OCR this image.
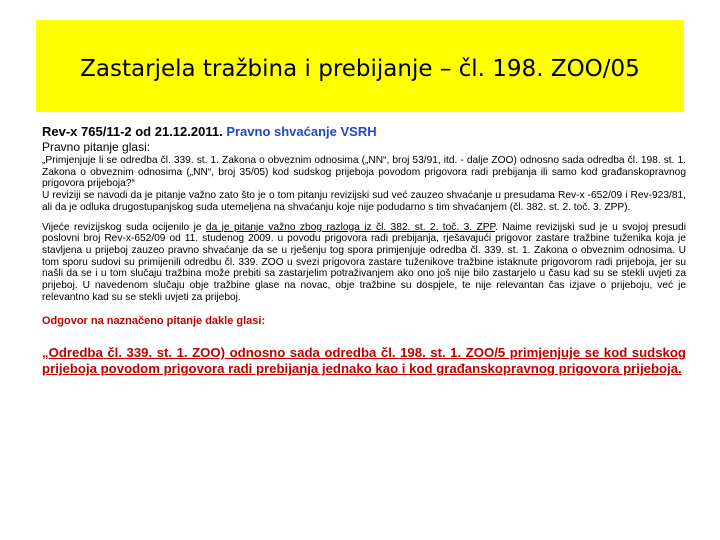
Zastarjela tražbina i prebijanje – čl. 198. ZOO/05
Rev-x 765/11-2 od 21.12.2011. Pravno shvaćanje VSRH
Pravno pitanje glasi:

„Primjenjuje li se odredba čl. 339. st. 1. Zakona o obveznim odnosima („NN“, broj 53/91, itd. - dalje ZOO) odnosno sada odredba čl. 198. st. 1. Zakona o obveznim odnosima („NN“, broj 35/05) kod sudskog prijeboja povodom prigovora radi prebijanja ili samo kod građanskopravnog prigovora prijeboja?“

U reviziji se navodi da je pitanje važno zato što je o tom pitanju revizijski sud već zauzeo shvaćanje u presudama Rev-x -652/09 i Rev-923/81, ali da je odluka drugostupanjskog suda utemeljena na shvaćanju koje nije podudarno s tim shvaćanjem (čl. 382. st. 2. toč. 3. ZPP).

Vijeće revizijskog suda ocijenilo je da je pitanje važno zbog razloga iz čl. 382. st. 2. toč. 3. ZPP. Naime revizijski sud je u svojoj presudi poslovni broj Rev-x-652/09 od 11. studenog 2009. u povodu prigovora radi prebijanja, rješavajući prigovor zastare tražbine tuženika koja je stavljena u prijeboj zauzeo pravno shvaćanje da se u rješenju tog spora primjenjuje odredba čl. 339. st. 1. Zakona o obveznim odnosima. U tom sporu sudovi su primijenili odredbu čl. 339. ZOO u svezi prigovora zastare tuženikove tražbine istaknute prigovorom radi prijeboja, jer su našli da se i u tom slučaju tražbina može prebiti sa zastarjelim potraživanjem ako ono još nije bilo zastarjelo u času kad su se stekli uvjeti za prijeboj. U navedenom slučaju obje tražbine glase na novac, obje tražbine su dospjele, te nije relevantan čas izjave o prijeboju, već je relevantno kad su se stekli uvjeti za prijeboj.

Odgovor na naznačeno pitanje dakle glasi:
„Odredba čl. 339. st. 1. ZOO) odnosno sada odredba čl. 198. st. 1. ZOO/5 primjenjuje se kod sudskog prijeboja povodom prigovora radi prebijanja jednako kao i kod građanskopravnog prigovora prijeboja.
